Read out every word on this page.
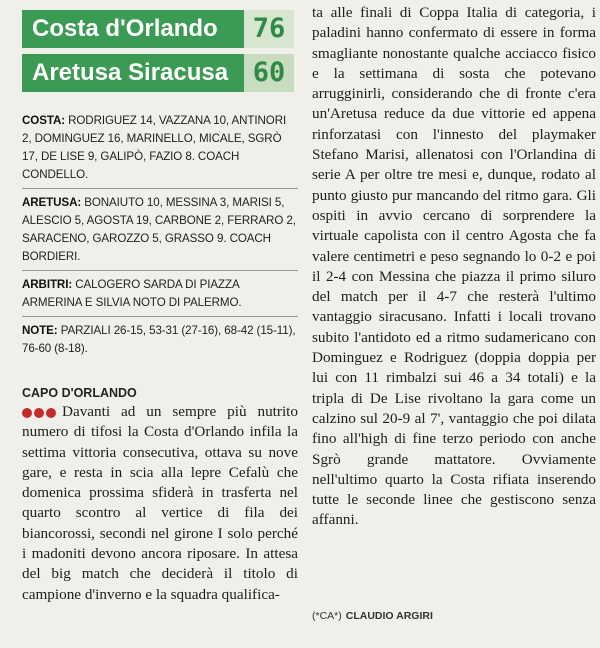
Costa d'Orlando	76
Aretusa Siracusa 60

COSTA: RODRIGUEZ 14, VAZZANA 10, ANTINORI 2, DOMINGUEZ 16, MARINELLO, MICALE, SGRÒ 17, DE LISE 9, GALIPÒ, FAZIO 8. COACH CONDELLO.

ARETUSA: BONAIUTO 10, MESSINA 3, MARISI 5, ALESCIO 5, AGOSTA 19, CARBONE 2, FERRARO 2, SARACENO, GAROZZO 5, GRASSO 9. COACH BORDIERI.

ARBITRI: CALOGERO SARDA DI PIAZZA ARMERINA E SILVIA NOTO DI PALERMO.

NOTE: PARZIALI 26-15, 53-31 (27-16), 68-42 (15-11), 76-60 (8-18).

CAPO D'ORLANDO

Davanti ad un sempre più nutrito numero di tifosi la Costa d'Orlando infila la settima vittoria consecutiva, ottava su nove gare, e resta in scia alla lepre Cefalù che domenica prossima sfiderà in trasferta nel quarto scontro al vertice di fila dei biancorossi, secondi nel girone I solo perché i madoniti devono ancora riposare. In attesa del big match che deciderà il titolo di campione d'inverno e la squadra qualifica-

ta alle finali di Coppa Italia di categoria, i paladini hanno confermato di essere in forma smagliante nonostante qualche acciacco fisico e la settimana di sosta che potevano arrugginirli, considerando che di fronte c'era un'Aretusa reduce da due vittorie ed appena rinforzatasi con l'innesto del playmaker Stefano Marisi, allenatosi con l'Orlandina di serie A per oltre tre mesi e, dunque, rodato al punto giusto pur mancando del ritmo gara. Gli ospiti in avvio cercano di sorprendere la virtuale capolista con il centro Agosta che fa valere centimetri e peso segnando lo 0-2 e poi il 2-4 con Messina che piazza il primo siluro del match per il 4-7 che resterà l'ultimo vantaggio siracusano. Infatti i locali trovano subito l'antidoto ed a ritmo sudamericano con Dominguez e Rodriguez (doppia doppia per lui con 11 rimbalzi sui 46 a 34 totali) e la tripla di De Lise rivoltano la gara come un calzino sul 20-9 al 7', vantaggio che poi dilata fino all'high di fine terzo periodo con anche Sgrò grande mattatore. Ovviamente nell'ultimo quarto la Costa rifiata inserendo tutte le seconde linee che gestiscono senza affanni.

(*CA*) CLAUDIO ARGIRI
